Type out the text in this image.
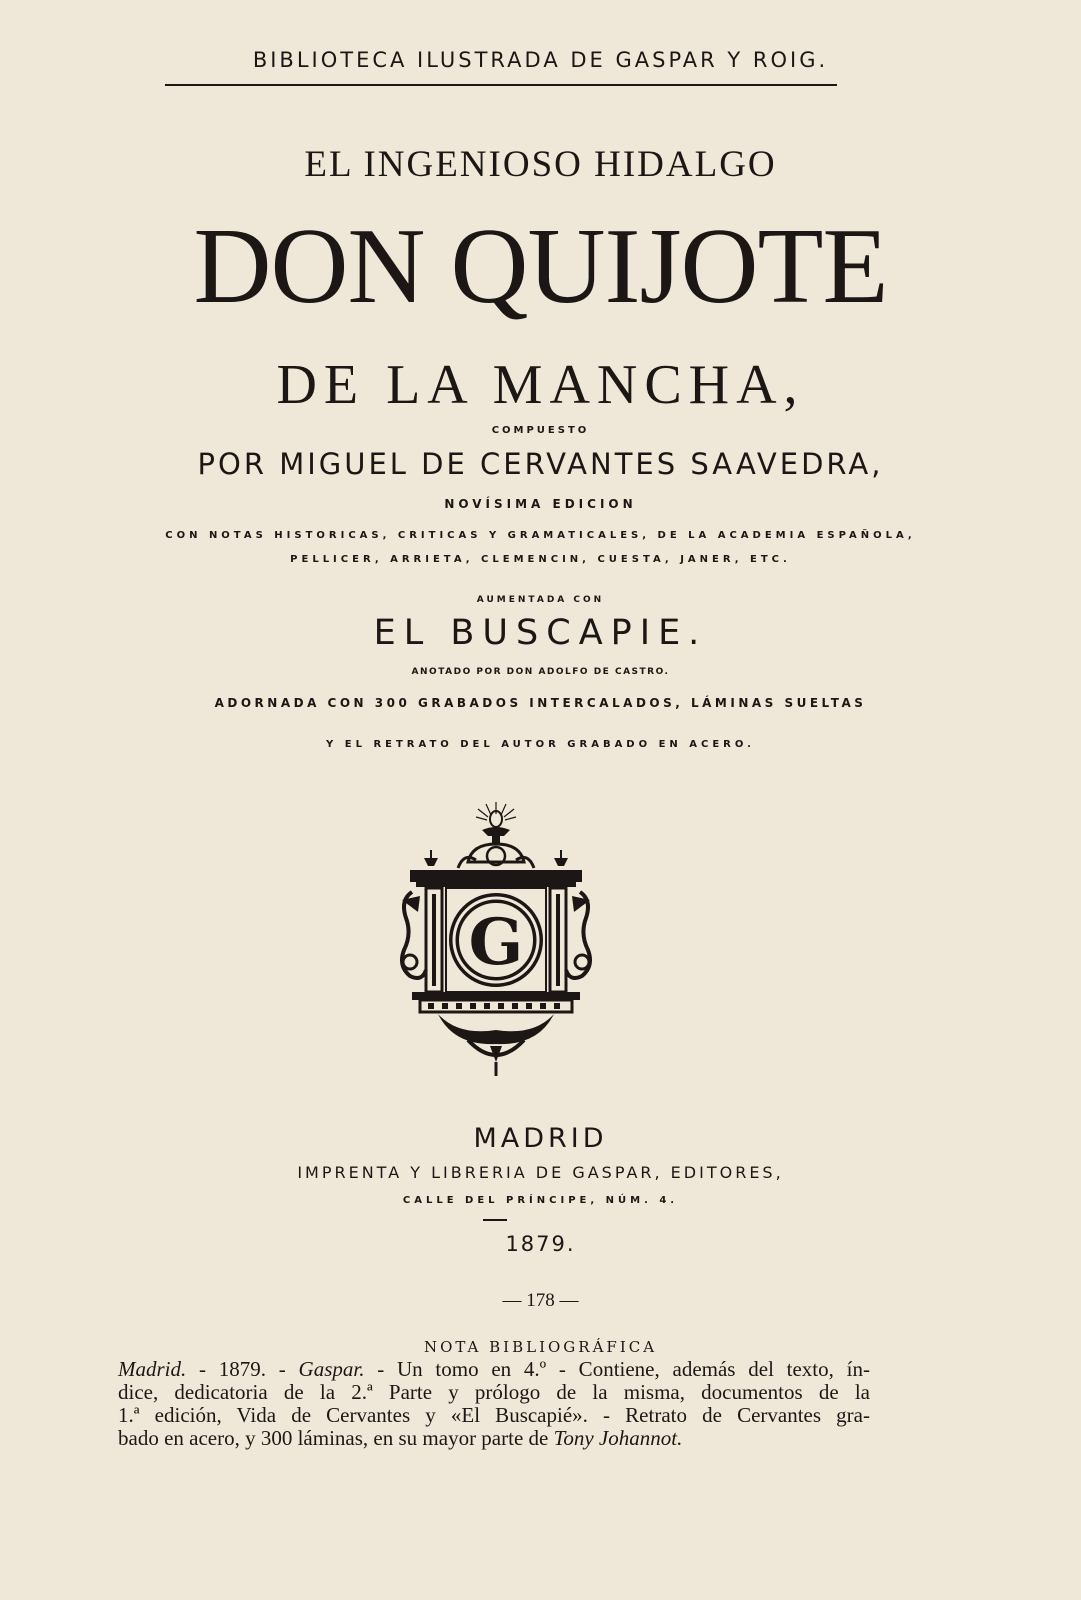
BIBLIOTECA ILUSTRADA DE GASPAR Y ROIG.
EL INGENIOSO HIDALGO
DON QUIJOTE
DE LA MANCHA,
COMPUESTO
POR MIGUEL DE CERVANTES SAAVEDRA,
NOVÍSIMA EDICION
CON NOTAS HISTORICAS, CRITICAS Y GRAMATICALES, DE LA ACADEMIA ESPAÑOLA,
PELLICER, ARRIETA, CLEMENCIN, CUESTA, JANER, ETC.
AUMENTADA CON
EL BUSCAPIE.
ANOTADO POR DON ADOLFO DE CASTRO.
ADORNADA CON 300 GRABADOS INTERCALADOS, LÁMINAS SUELTAS
Y EL RETRATO DEL AUTOR GRABADO EN ACERO.
G
MADRID
IMPRENTA Y LIBRERIA DE GASPAR, EDITORES,
CALLE DEL PRÍNCIPE, NÚM. 4.
1879.
— 178 —
NOTA BIBLIOGRÁFICA
Madrid. - 1879. - Gaspar. - Un tomo en 4.º - Contiene, además del texto, ín-
dice, dedicatoria de la 2.ª Parte y prólogo de la misma, documentos de la
1.ª edición, Vida de Cervantes y «El Buscapié». - Retrato de Cervantes gra-
bado en acero, y 300 láminas, en su mayor parte de Tony Johannot.
